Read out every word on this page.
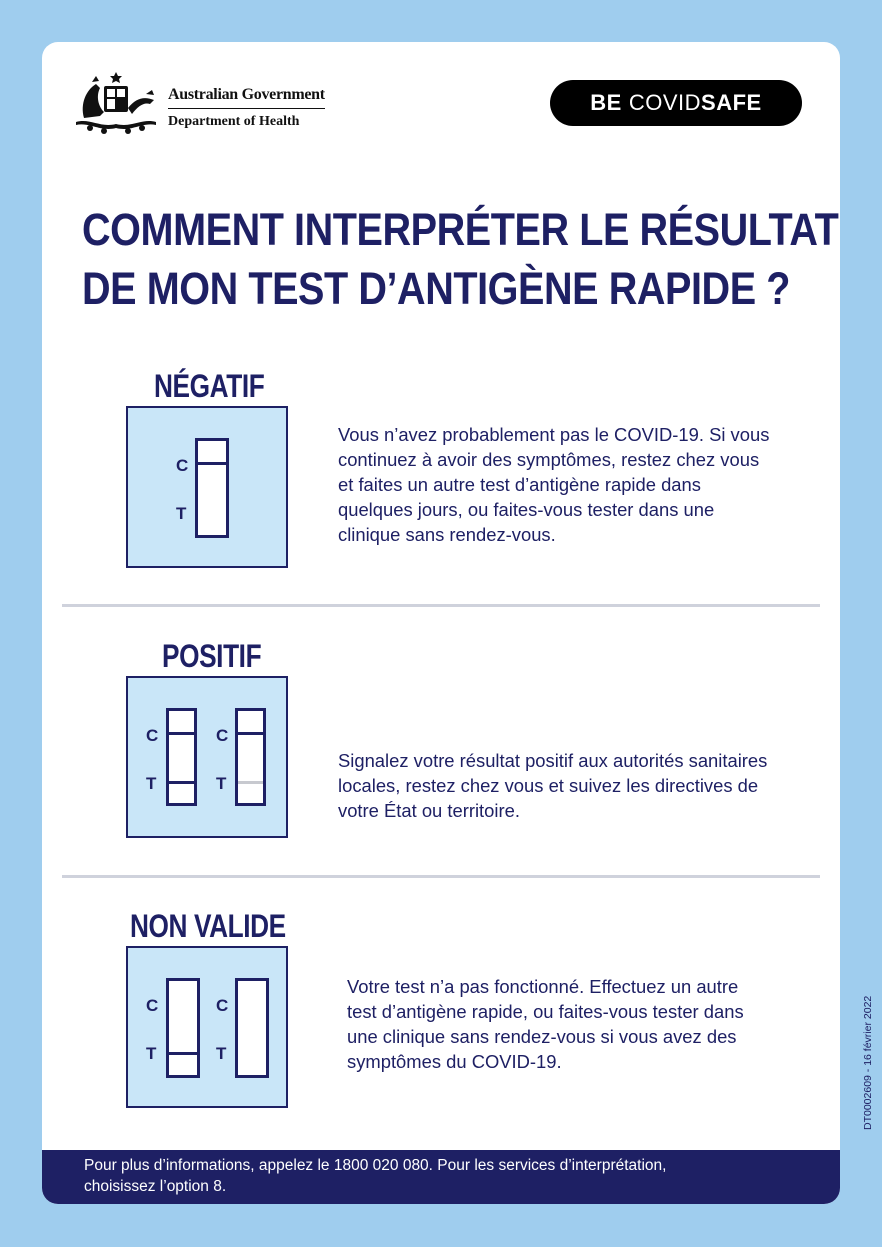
Australian Government
Department of Health
BE COVID SAFE
COMMENT INTERPRÉTER LE RÉSULTAT
DE MON TEST D’ANTIGÈNE RAPIDE ?
NÉGATIF
C
T
Vous n’avez probablement pas le COVID-19. Si vous continuez à avoir des symptômes, restez chez vous et faites un autre test d’antigène rapide dans quelques jours, ou faites-vous tester dans une clinique sans rendez-vous.
POSITIF
C
T
C
T
Signalez votre résultat positif aux autorités sanitaires locales, restez chez vous et suivez les directives de votre État ou territoire.
NON VALIDE
C
T
C
T
Votre test n’a pas fonctionné. Effectuez un autre test d’antigène rapide, ou faites-vous tester dans une clinique sans rendez-vous si vous avez des symptômes du COVID-19.
Pour plus d’informations, appelez le 1800 020 080. Pour les services d’interprétation,
choisissez l’option 8.
DT0002609 - 16 février 2022
